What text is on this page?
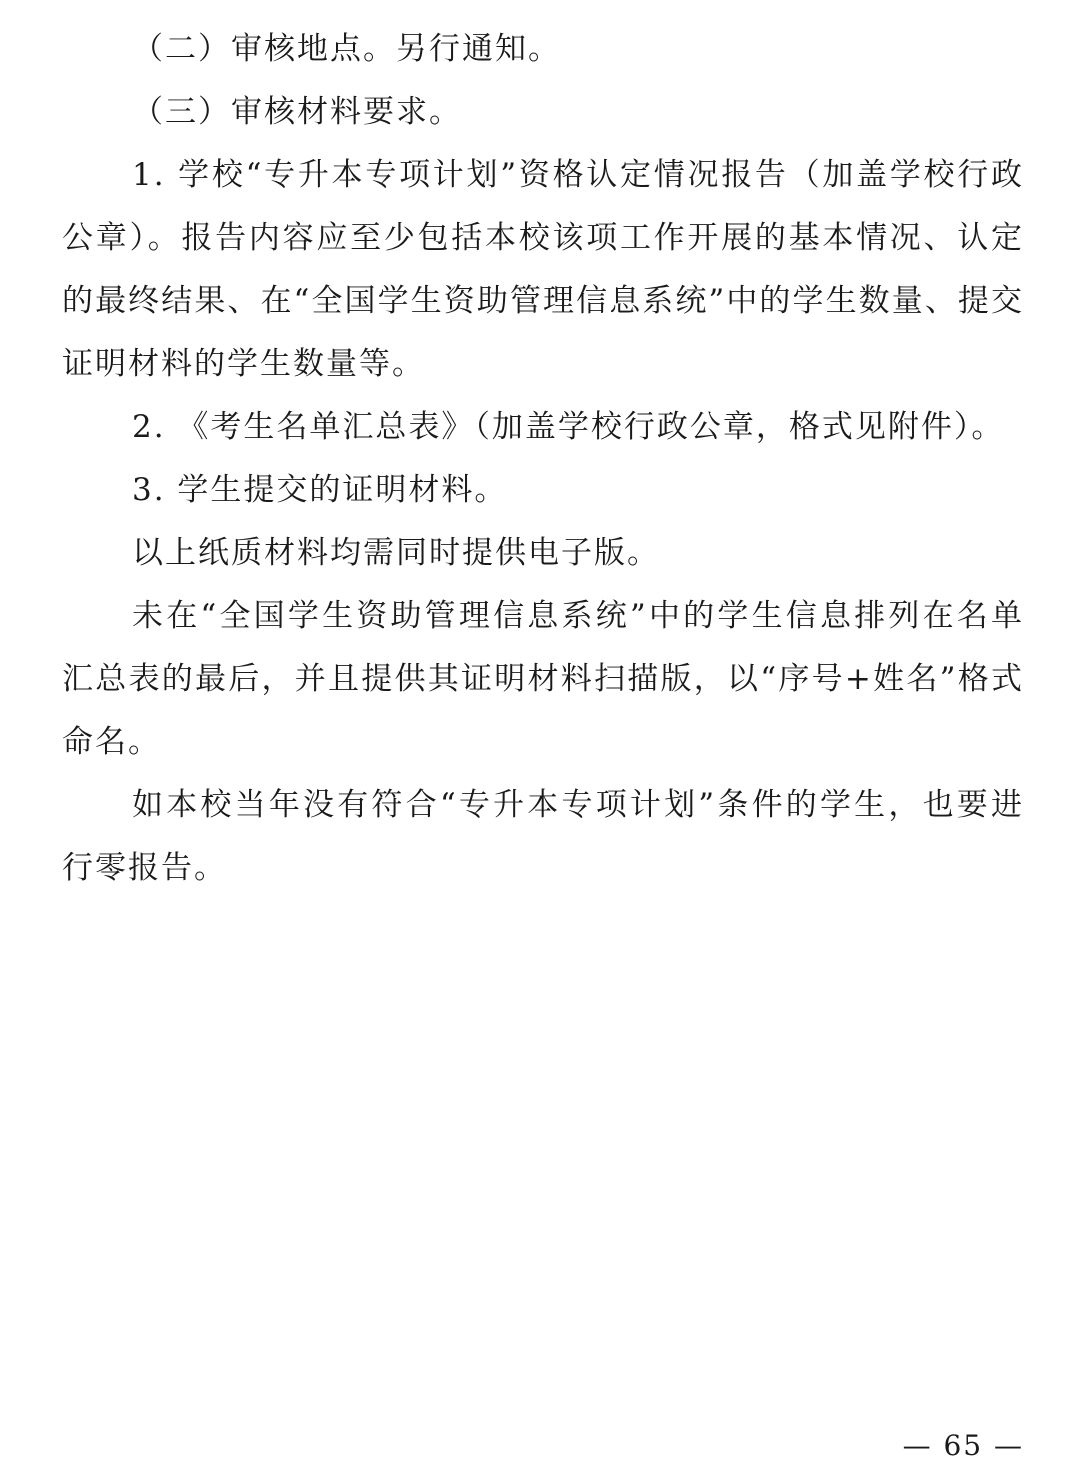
（二）审核地点。另行通知。

（三）审核材料要求。

1. 学校“专升本专项计划”资格认定情况报告（加盖学校行政公章）。报告内容应至少包括本校该项工作开展的基本情况、认定的最终结果、在“全国学生资助管理信息系统”中的学生数量、提交证明材料的学生数量等。

2. 《考生名单汇总表》（加盖学校行政公章，格式见附件）。

3. 学生提交的证明材料。

以上纸质材料均需同时提供电子版。

未在“全国学生资助管理信息系统”中的学生信息排列在名单汇总表的最后，并且提供其证明材料扫描版，以“序号+姓名”格式命名。

如本校当年没有符合“专升本专项计划”条件的学生，也要进行零报告。

— 65 —
